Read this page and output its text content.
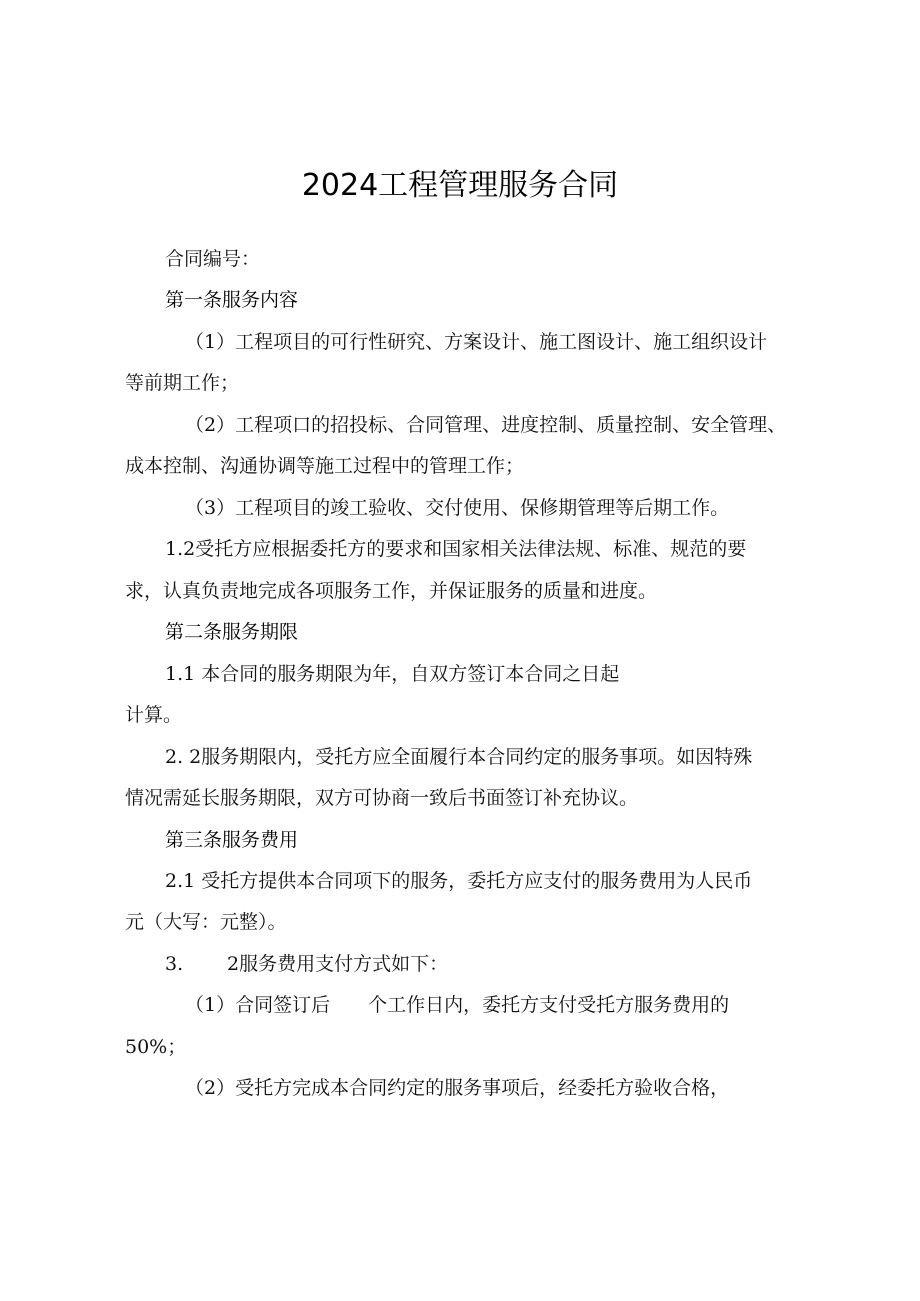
2024工程管理服务合同
合同编号：
第一条服务内容
（1）工程项目的可行性研究、方案设计、施工图设计、施工组织设计
等前期工作；
（2）工程项口的招投标、合同管理、进度控制、质量控制、安全管理、
成本控制、沟通协调等施工过程中的管理工作；
（3）工程项目的竣工验收、交付使用、保修期管理等后期工作。
1.2受托方应根据委托方的要求和国家相关法律法规、标准、规范的要
求，认真负责地完成各项服务工作，并保证服务的质量和进度。
第二条服务期限
1.1 本合同的服务期限为年，自双方签订本合同之日起
计算。
2. 2服务期限内，受托方应全面履行本合同约定的服务事项。如因特殊
情况需延长服务期限，双方可协商一致后书面签订补充协议。
第三条服务费用
2.1 受托方提供本合同项下的服务，委托方应支付的服务费用为人民币
元（大写：元整）。
3. 2服务费用支付方式如下：
（1）合同签订后　　个工作日内，委托方支付受托方服务费用的
50%；
（2）受托方完成本合同约定的服务事项后，经委托方验收合格，
